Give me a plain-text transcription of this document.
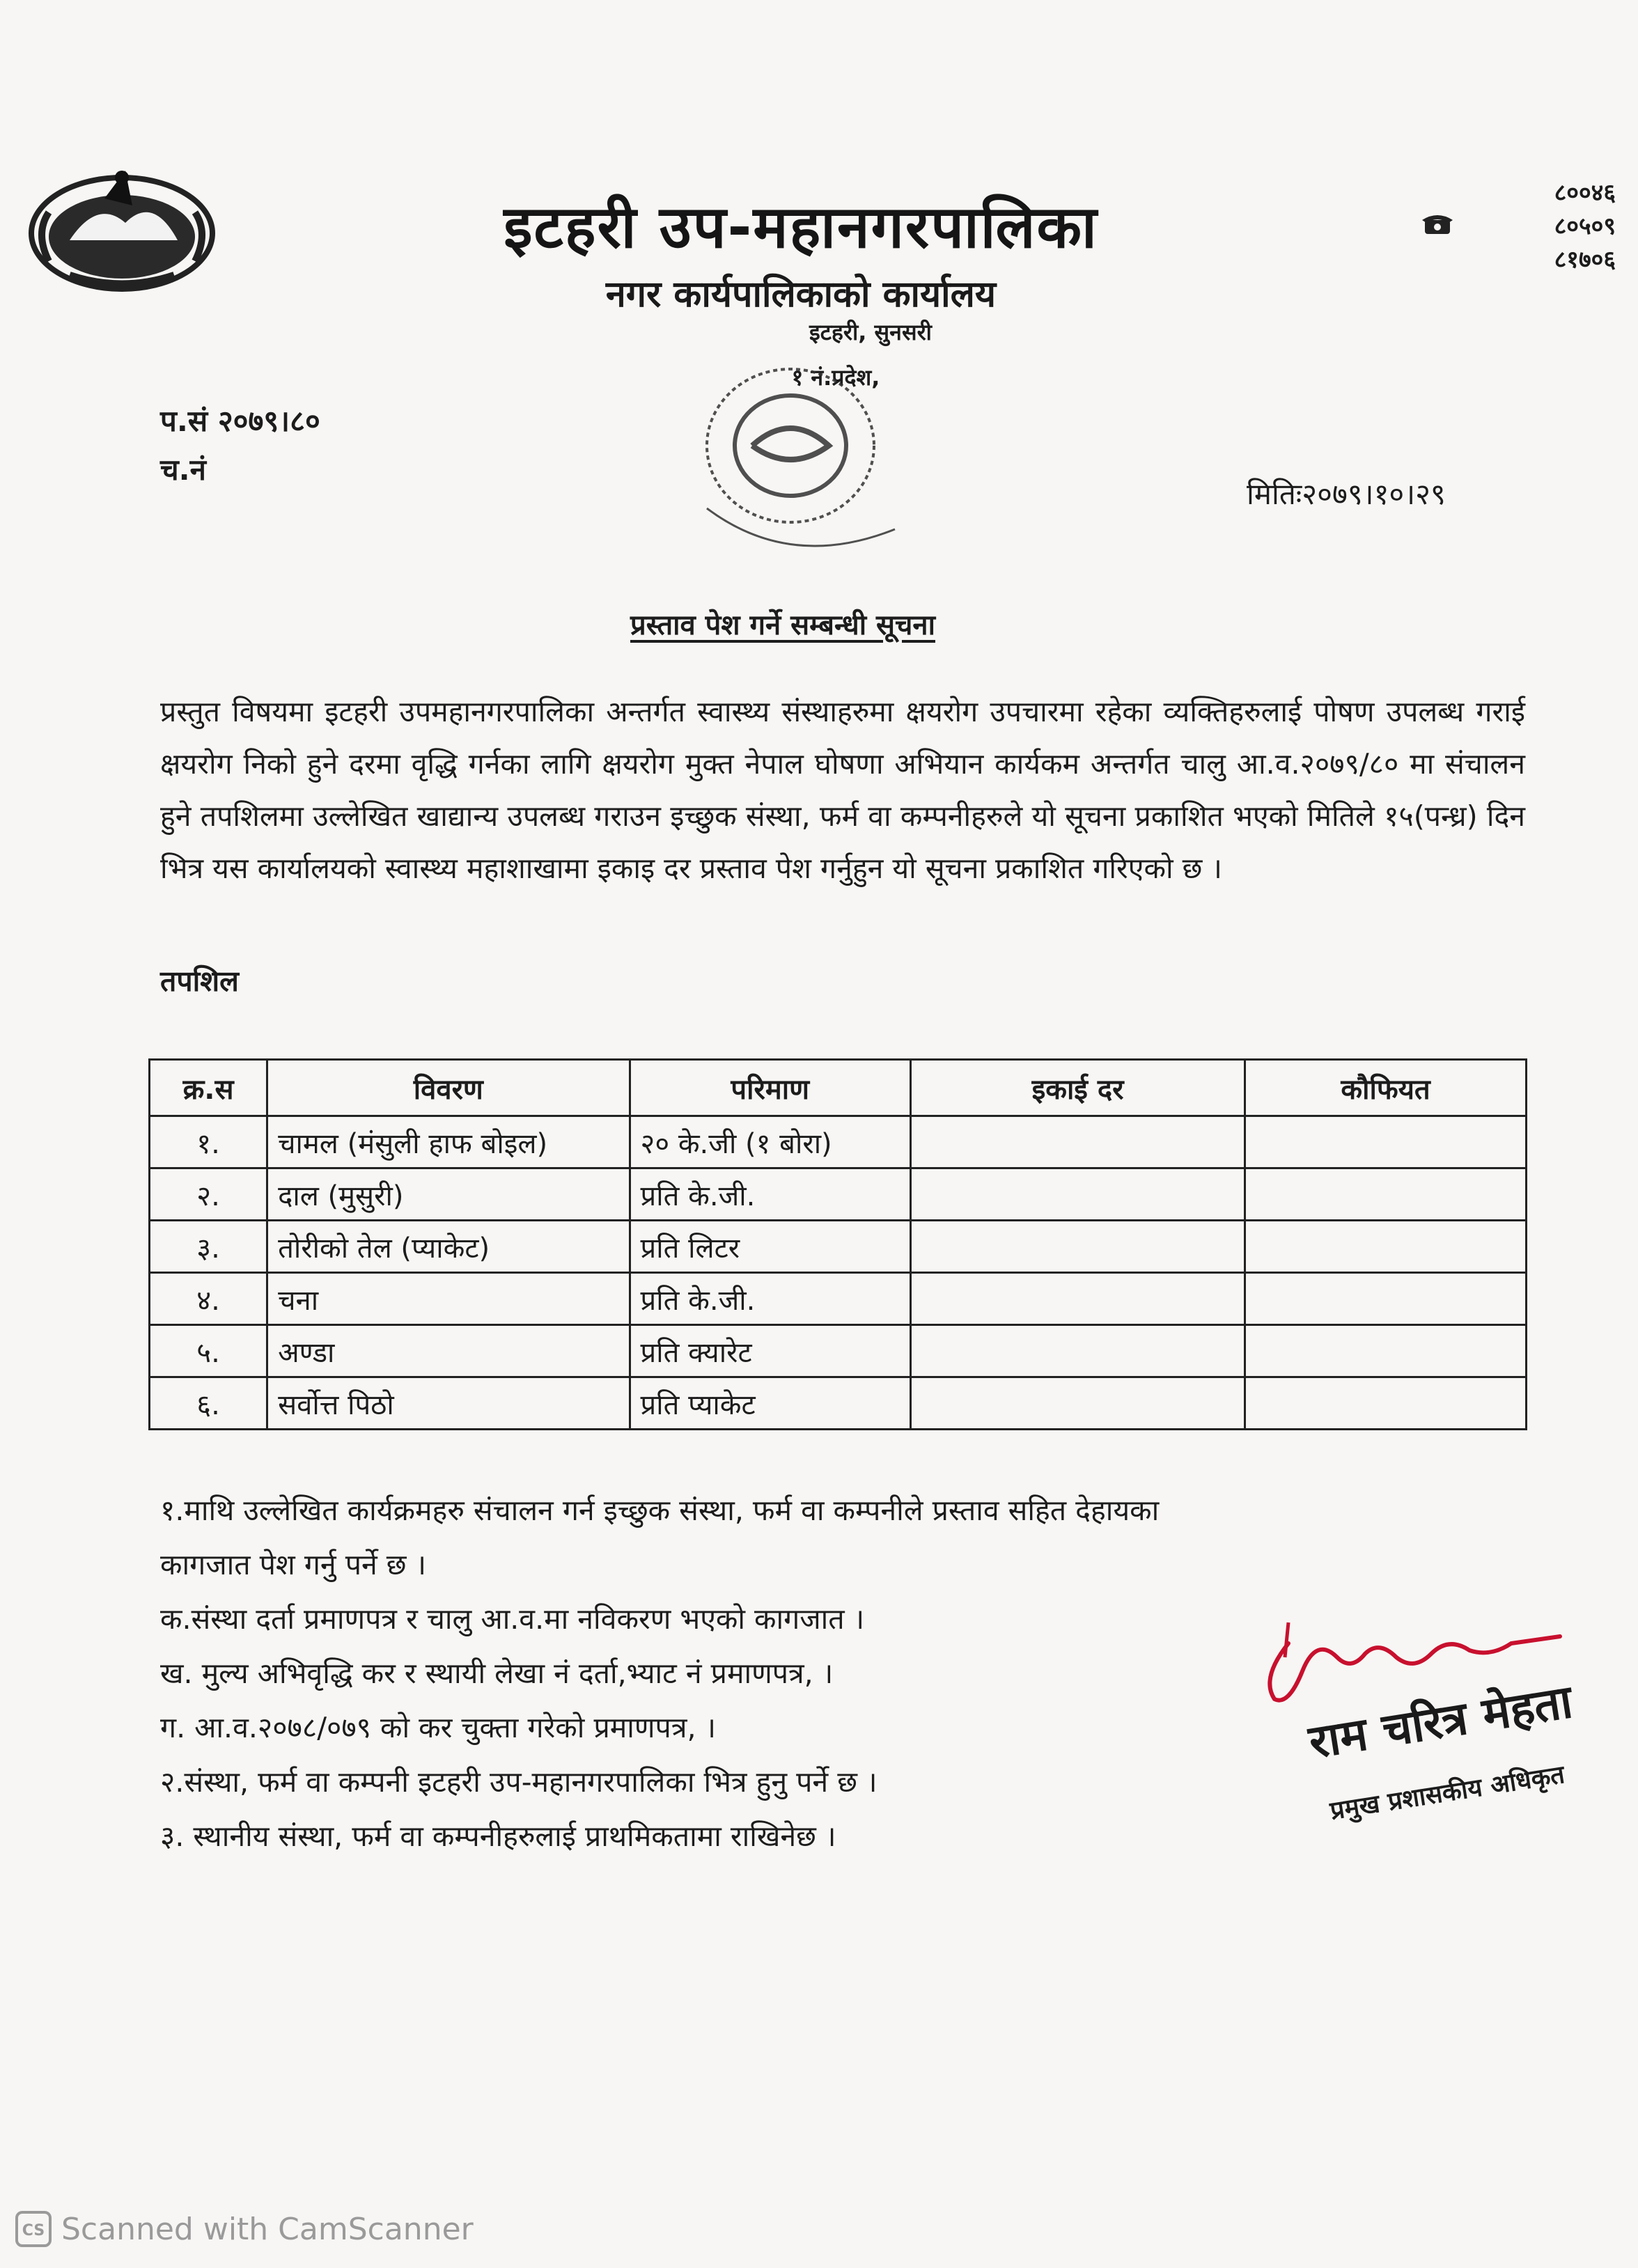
इटहरी उप-महानगरपालिका
नगर कार्यपालिकाको कार्यालय
इटहरी, सुनसरी
१ नं.प्रदेश,
८००४६
८०५०९
८१७०६
प.सं २०७९।८०
च.नं
मितिः२०७९।१०।२९
प्रस्ताव पेश गर्ने सम्बन्धी सूचना
प्रस्तुत विषयमा इटहरी उपमहानगरपालिका अन्तर्गत स्वास्थ्य संस्थाहरुमा क्षयरोग उपचारमा रहेका व्यक्तिहरुलाई पोषण उपलब्ध गराई क्षयरोग निको हुने दरमा वृद्धि गर्नका लागि क्षयरोग मुक्त नेपाल घोषणा अभियान कार्यकम अन्तर्गत चालु आ.व.२०७९/८० मा संचालन हुने तपशिलमा उल्लेखित खाद्यान्य उपलब्ध गराउन इच्छुक संस्था, फर्म वा कम्पनीहरुले यो सूचना प्रकाशित भएको मितिले १५(पन्ध्र) दिन भित्र यस कार्यालयको स्वास्थ्य महाशाखामा इकाइ दर प्रस्ताव पेश गर्नुहुन यो सूचना प्रकाशित गरिएको छ ।
तपशिल
क्र.स	विवरण	परिमाण	इकाई दर	कौफियत
१.	चामल (मंसुली हाफ बोइल)	२० के.जी (१ बोरा)		
२.	दाल (मुसुरी)	प्रति के.जी.		
३.	तोरीको तेल (प्याकेट)	प्रति लिटर		
४.	चना	प्रति के.जी.		
५.	अण्डा	प्रति क्यारेट		
६.	सर्वोत्त पिठो	प्रति प्याकेट		
१.माथि उल्लेखित कार्यक्रमहरु संचालन गर्न इच्छुक संस्था, फर्म वा कम्पनीले प्रस्ताव सहित देहायका
कागजात पेश गर्नु पर्ने छ ।
क.संस्था दर्ता प्रमाणपत्र र चालु आ.व.मा नविकरण भएको कागजात ।
ख. मुल्य अभिवृद्धि कर र स्थायी लेखा नं दर्ता,भ्याट नं प्रमाणपत्र, ।
ग. आ.व.२०७८/०७९ को कर चुक्ता गरेको प्रमाणपत्र, ।
२.संस्था, फर्म वा कम्पनी इटहरी उप-महानगरपालिका भित्र हुनु पर्ने छ ।
३. स्थानीय संस्था, फर्म वा कम्पनीहरुलाई प्राथमिकतामा राखिनेछ ।
राम चरित्र मेहता
प्रमुख प्रशासकीय अधिकृत
CS Scanned with CamScanner
